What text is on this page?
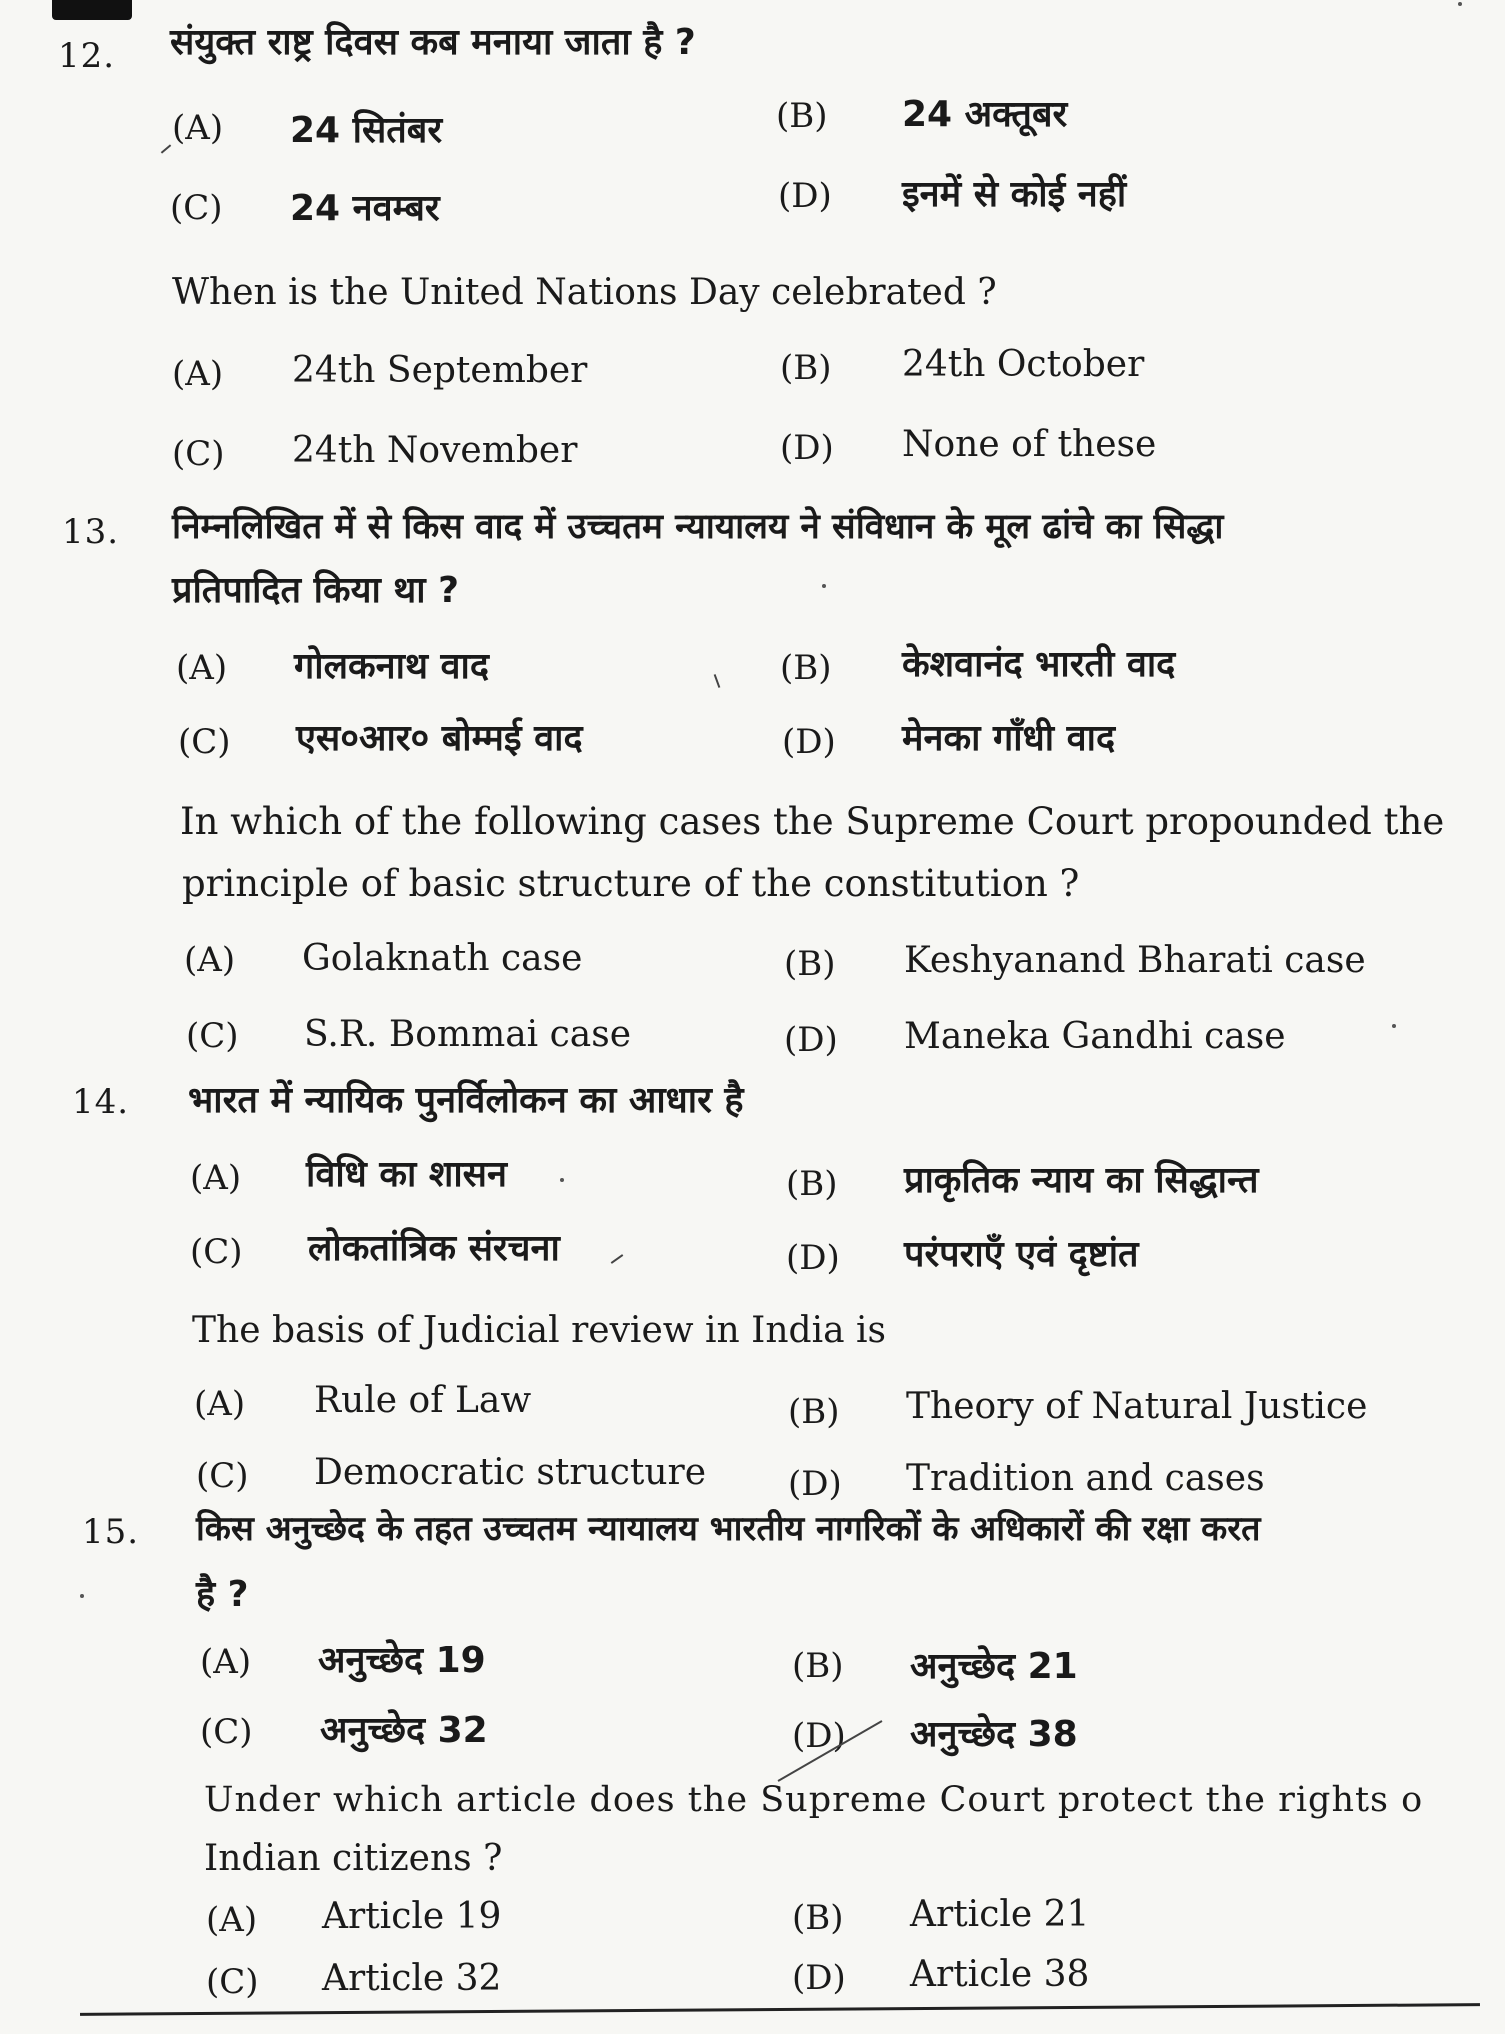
12. संयुक्त राष्ट्र दिवस कब मनाया जाता है ?
(A) 24 सितंबर	(B) 24 अक्तूबर
(C) 24 नवम्बर	(D) इनमें से कोई नहीं
When is the United Nations Day celebrated ?
(A) 24th September	(B) 24th October
(C) 24th November	(D) None of these
13. निम्नलिखित में से किस वाद में उच्चतम न्यायालय ने संविधान के मूल ढांचे का सिद्धा
प्रतिपादित किया था ?
(A) गोलकनाथ वाद	(B) केशवानंद भारती वाद
(C) एस०आर० बोम्मई वाद	(D) मेनका गाँधी वाद
In which of the following cases the Supreme Court propounded the
principle of basic structure of the constitution ?
(A) Golaknath case	(B) Keshyanand Bharati case
(C) S.R. Bommai case	(D) Maneka Gandhi case
14. भारत में न्यायिक पुनर्विलोकन का आधार है
(A) विधि का शासन	(B) प्राकृतिक न्याय का सिद्धान्त
(C) लोकतांत्रिक संरचना	(D) परंपराएँ एवं दृष्टांत
The basis of Judicial review in India is
(A) Rule of Law	(B) Theory of Natural Justice
(C) Democratic structure (D) Tradition and cases
15. किस अनुच्छेद के तहत उच्चतम न्यायालय भारतीय नागरिकों के अधिकारों की रक्षा करत
है ?
(A) अनुच्छेद 19	(B) अनुच्छेद 21
(C) अनुच्छेद 32	(D) अनुच्छेद 38
Under which article does the Supreme Court protect the rights o
Indian citizens ?
(A) Article 19	(B) Article 21
(C) Article 32	(D) Article 38
